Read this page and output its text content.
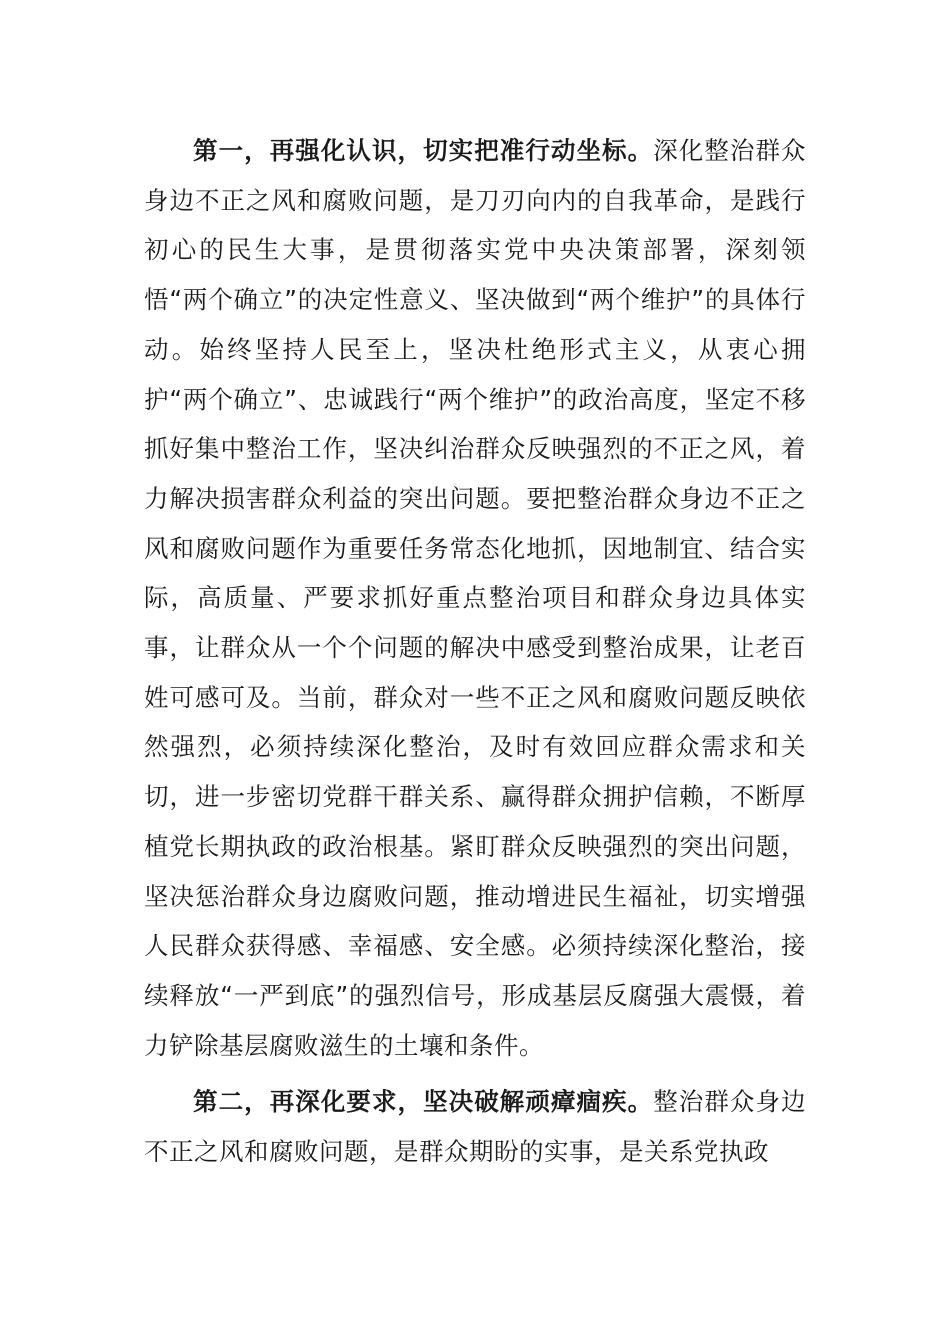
第一，再强化认识，切实把准行动坐标。深化整治群众身边不正之风和腐败问题，是刀刃向内的自我革命，是践行初心的民生大事，是贯彻落实党中央决策部署，深刻领悟“两个确立”的决定性意义、坚决做到“两个维护”的具体行动。始终坚持人民至上，坚决杜绝形式主义，从衷心拥护“两个确立”、忠诚践行“两个维护”的政治高度，坚定不移抓好集中整治工作，坚决纠治群众反映强烈的不正之风，着力解决损害群众利益的突出问题。要把整治群众身边不正之风和腐败问题作为重要任务常态化地抓，因地制宜、结合实际，高质量、严要求抓好重点整治项目和群众身边具体实事，让群众从一个个问题的解决中感受到整治成果，让老百姓可感可及。当前，群众对一些不正之风和腐败问题反映依然强烈，必须持续深化整治，及时有效回应群众需求和关切，进一步密切党群干群关系、赢得群众拥护信赖，不断厚植党长期执政的政治根基。紧盯群众反映强烈的突出问题，坚决惩治群众身边腐败问题，推动增进民生福祉，切实增强人民群众获得感、幸福感、安全感。必须持续深化整治，接续释放“一严到底”的强烈信号，形成基层反腐强大震慑，着力铲除基层腐败滋生的土壤和条件。

第二，再深化要求，坚决破解顽瘴痼疾。整治群众身边不正之风和腐败问题，是群众期盼的实事，是关系党执政
